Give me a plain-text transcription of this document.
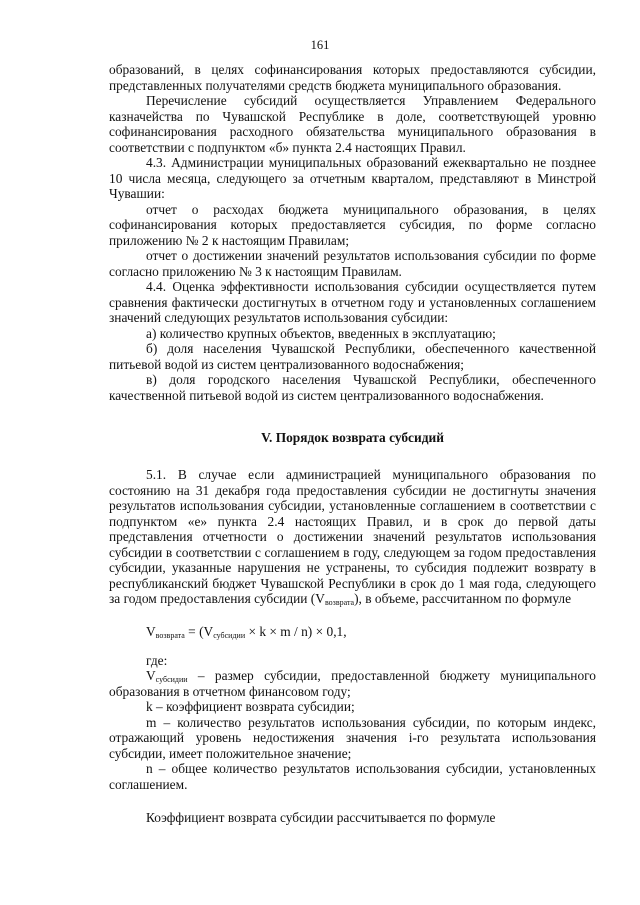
161

образований, в целях софинансирования которых предоставляются субсидии, представленных получателями средств бюджета муниципального образования.

Перечисление субсидий осуществляется Управлением Федерального казначейства по Чувашской Республике в доле, соответствующей уровню софинансирования расходного обязательства муниципального образования в соответствии с подпунктом «б» пункта 2.4 настоящих Правил.

4.3. Администрации муниципальных образований ежеквартально не позднее 10 числа месяца, следующего за отчетным кварталом, представляют в Минстрой Чувашии:

отчет о расходах бюджета муниципального образования, в целях софинансирования которых предоставляется субсидия, по форме согласно приложению № 2 к настоящим Правилам;

отчет о достижении значений результатов использования субсидии по форме согласно приложению № 3 к настоящим Правилам.

4.4. Оценка эффективности использования субсидии осуществляется путем сравнения фактически достигнутых в отчетном году и установленных соглашением значений следующих результатов использования субсидии:

а) количество крупных объектов, введенных в эксплуатацию;

б) доля населения Чувашской Республики, обеспеченного качественной питьевой водой из систем централизованного водоснабжения;

в) доля городского населения Чувашской Республики, обеспеченного качественной питьевой водой из систем централизованного водоснабжения.

V. Порядок возврата субсидий

5.1. В случае если администрацией муниципального образования по состоянию на 31 декабря года предоставления субсидии не достигнуты значения результатов использования субсидии, установленные соглашением в соответствии с подпунктом «е» пункта 2.4 настоящих Правил, и в срок до первой даты представления отчетности о достижении значений результатов использования субсидии в соответствии с соглашением в году, следующем за годом предоставления субсидии, указанные нарушения не устранены, то субсидия подлежит возврату в республиканский бюджет Чувашской Республики в срок до 1 мая года, следующего за годом предоставления субсидии $(V_{возврата})$, в объеме, рассчитанном по формуле

$V_{возврата} = (V_{субсидии} \times k \times m / n) \times 0,1$,

где:

$V_{субсидии}$ – размер субсидии, предоставленной бюджету муниципального образования в отчетном финансовом году;

k – коэффициент возврата субсидии;

m – количество результатов использования субсидии, по которым индекс, отражающий уровень недостижения значения i-го результата использования субсидии, имеет положительное значение;

n – общее количество результатов использования субсидии, установленных соглашением.

Коэффициент возврата субсидии рассчитывается по формуле
